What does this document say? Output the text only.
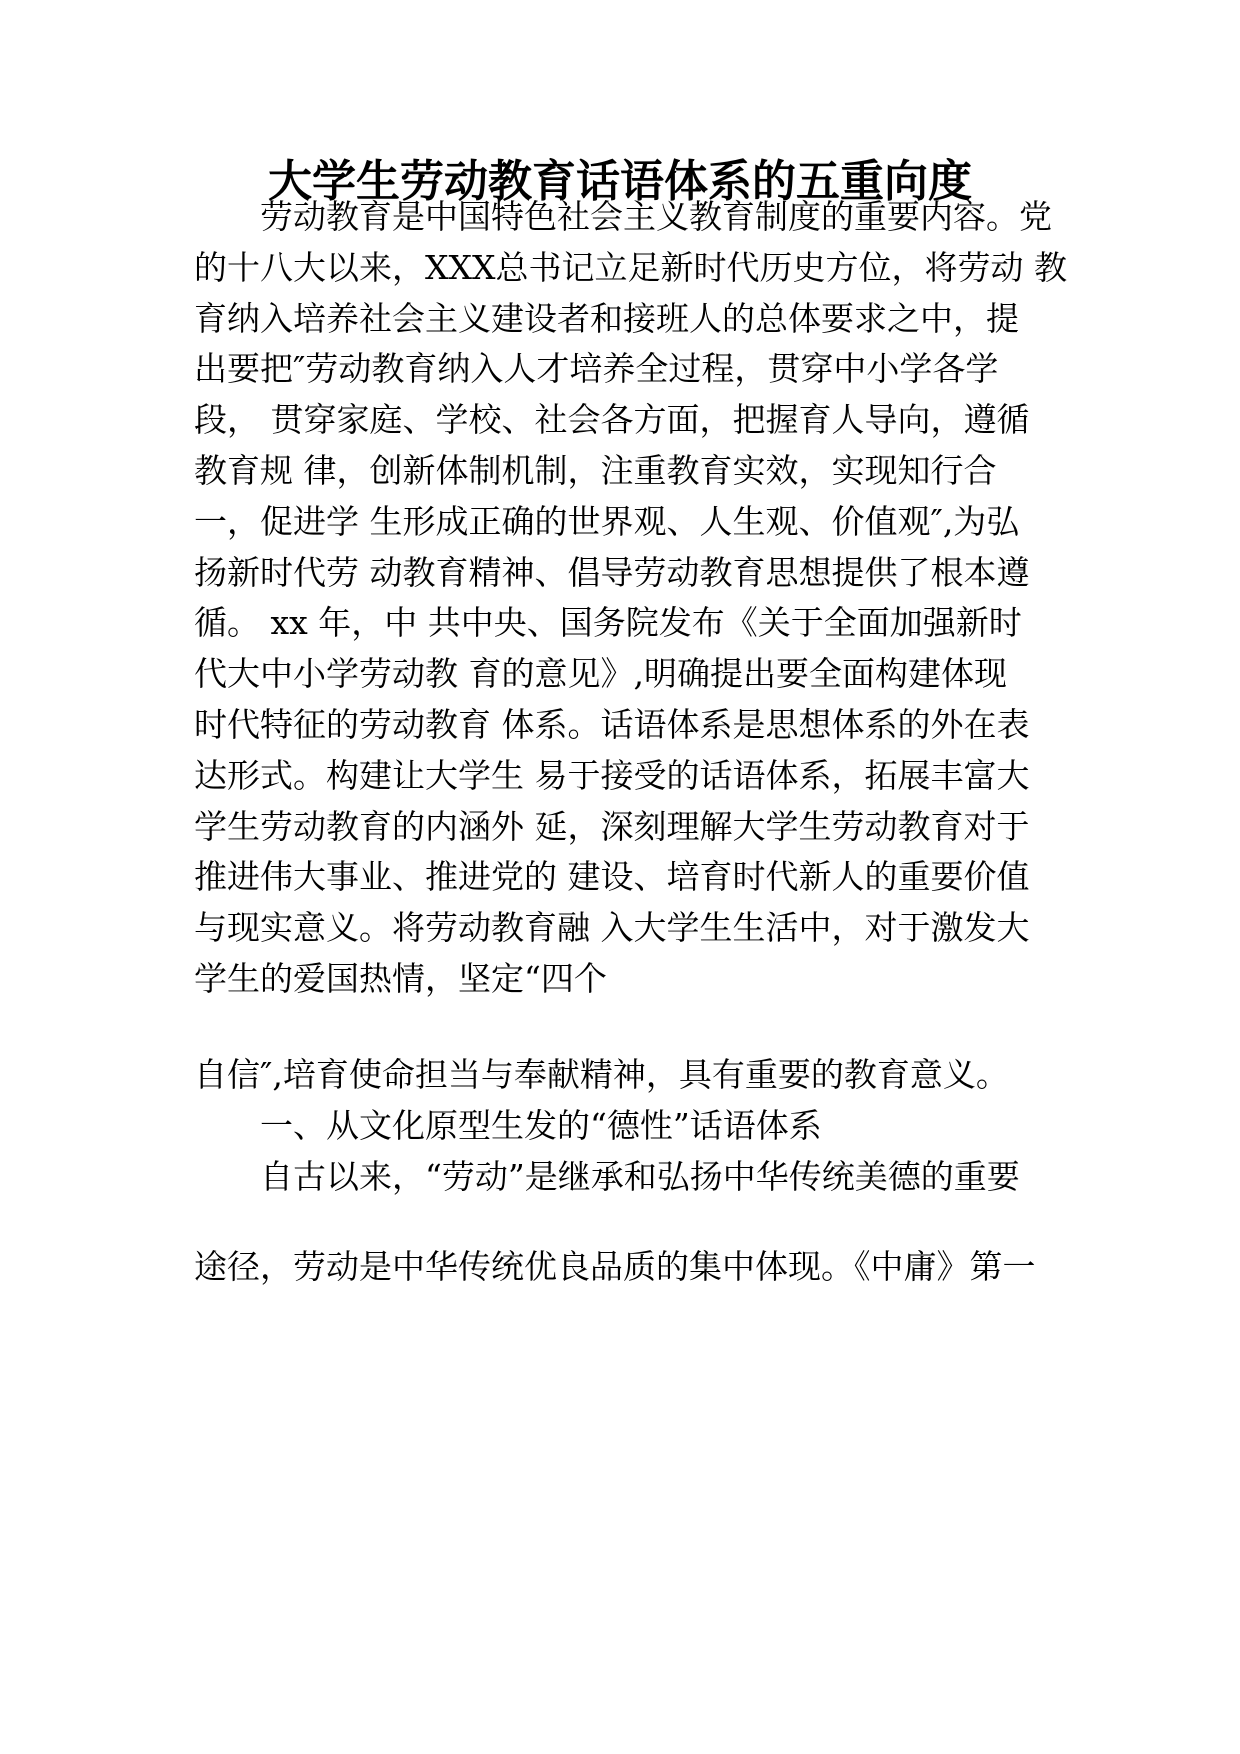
大学生劳动教育话语体系的五重向度
　　劳动教育是中国特色社会主义教育制度的重要内容。党
的十八大以来，XXX总书记立足新时代历史方位，将劳动 教
育纳入培养社会主义建设者和接班人的总体要求之中，提
出要把″劳动教育纳入人才培养全过程，贯穿中小学各学
段， 贯穿家庭、学校、社会各方面，把握育人导向，遵循
教育规 律，创新体制机制，注重教育实效，实现知行合
一，促进学 生形成正确的世界观、人生观、价值观″,为弘
扬新时代劳 动教育精神、倡导劳动教育思想提供了根本遵
循。 xx 年，中 共中央、国务院发布《关于全面加强新时
代大中小学劳动教 育的意见》,明确提出要全面构建体现
时代特征的劳动教育 体系。话语体系是思想体系的外在表
达形式。构建让大学生 易于接受的话语体系，拓展丰富大
学生劳动教育的内涵外 延，深刻理解大学生劳动教育对于
推进伟大事业、推进党的 建设、培育时代新人的重要价值
与现实意义。将劳动教育融 入大学生生活中，对于激发大
学生的爱国热情，坚定“四个
自信″,培育使命担当与奉献精神，具有重要的教育意义。
　　一、从文化原型生发的“德性”话语体系
　　自古以来，“劳动”是继承和弘扬中华传统美德的重要
途径，劳动是中华传统优良品质的集中体现。《中庸》第一
